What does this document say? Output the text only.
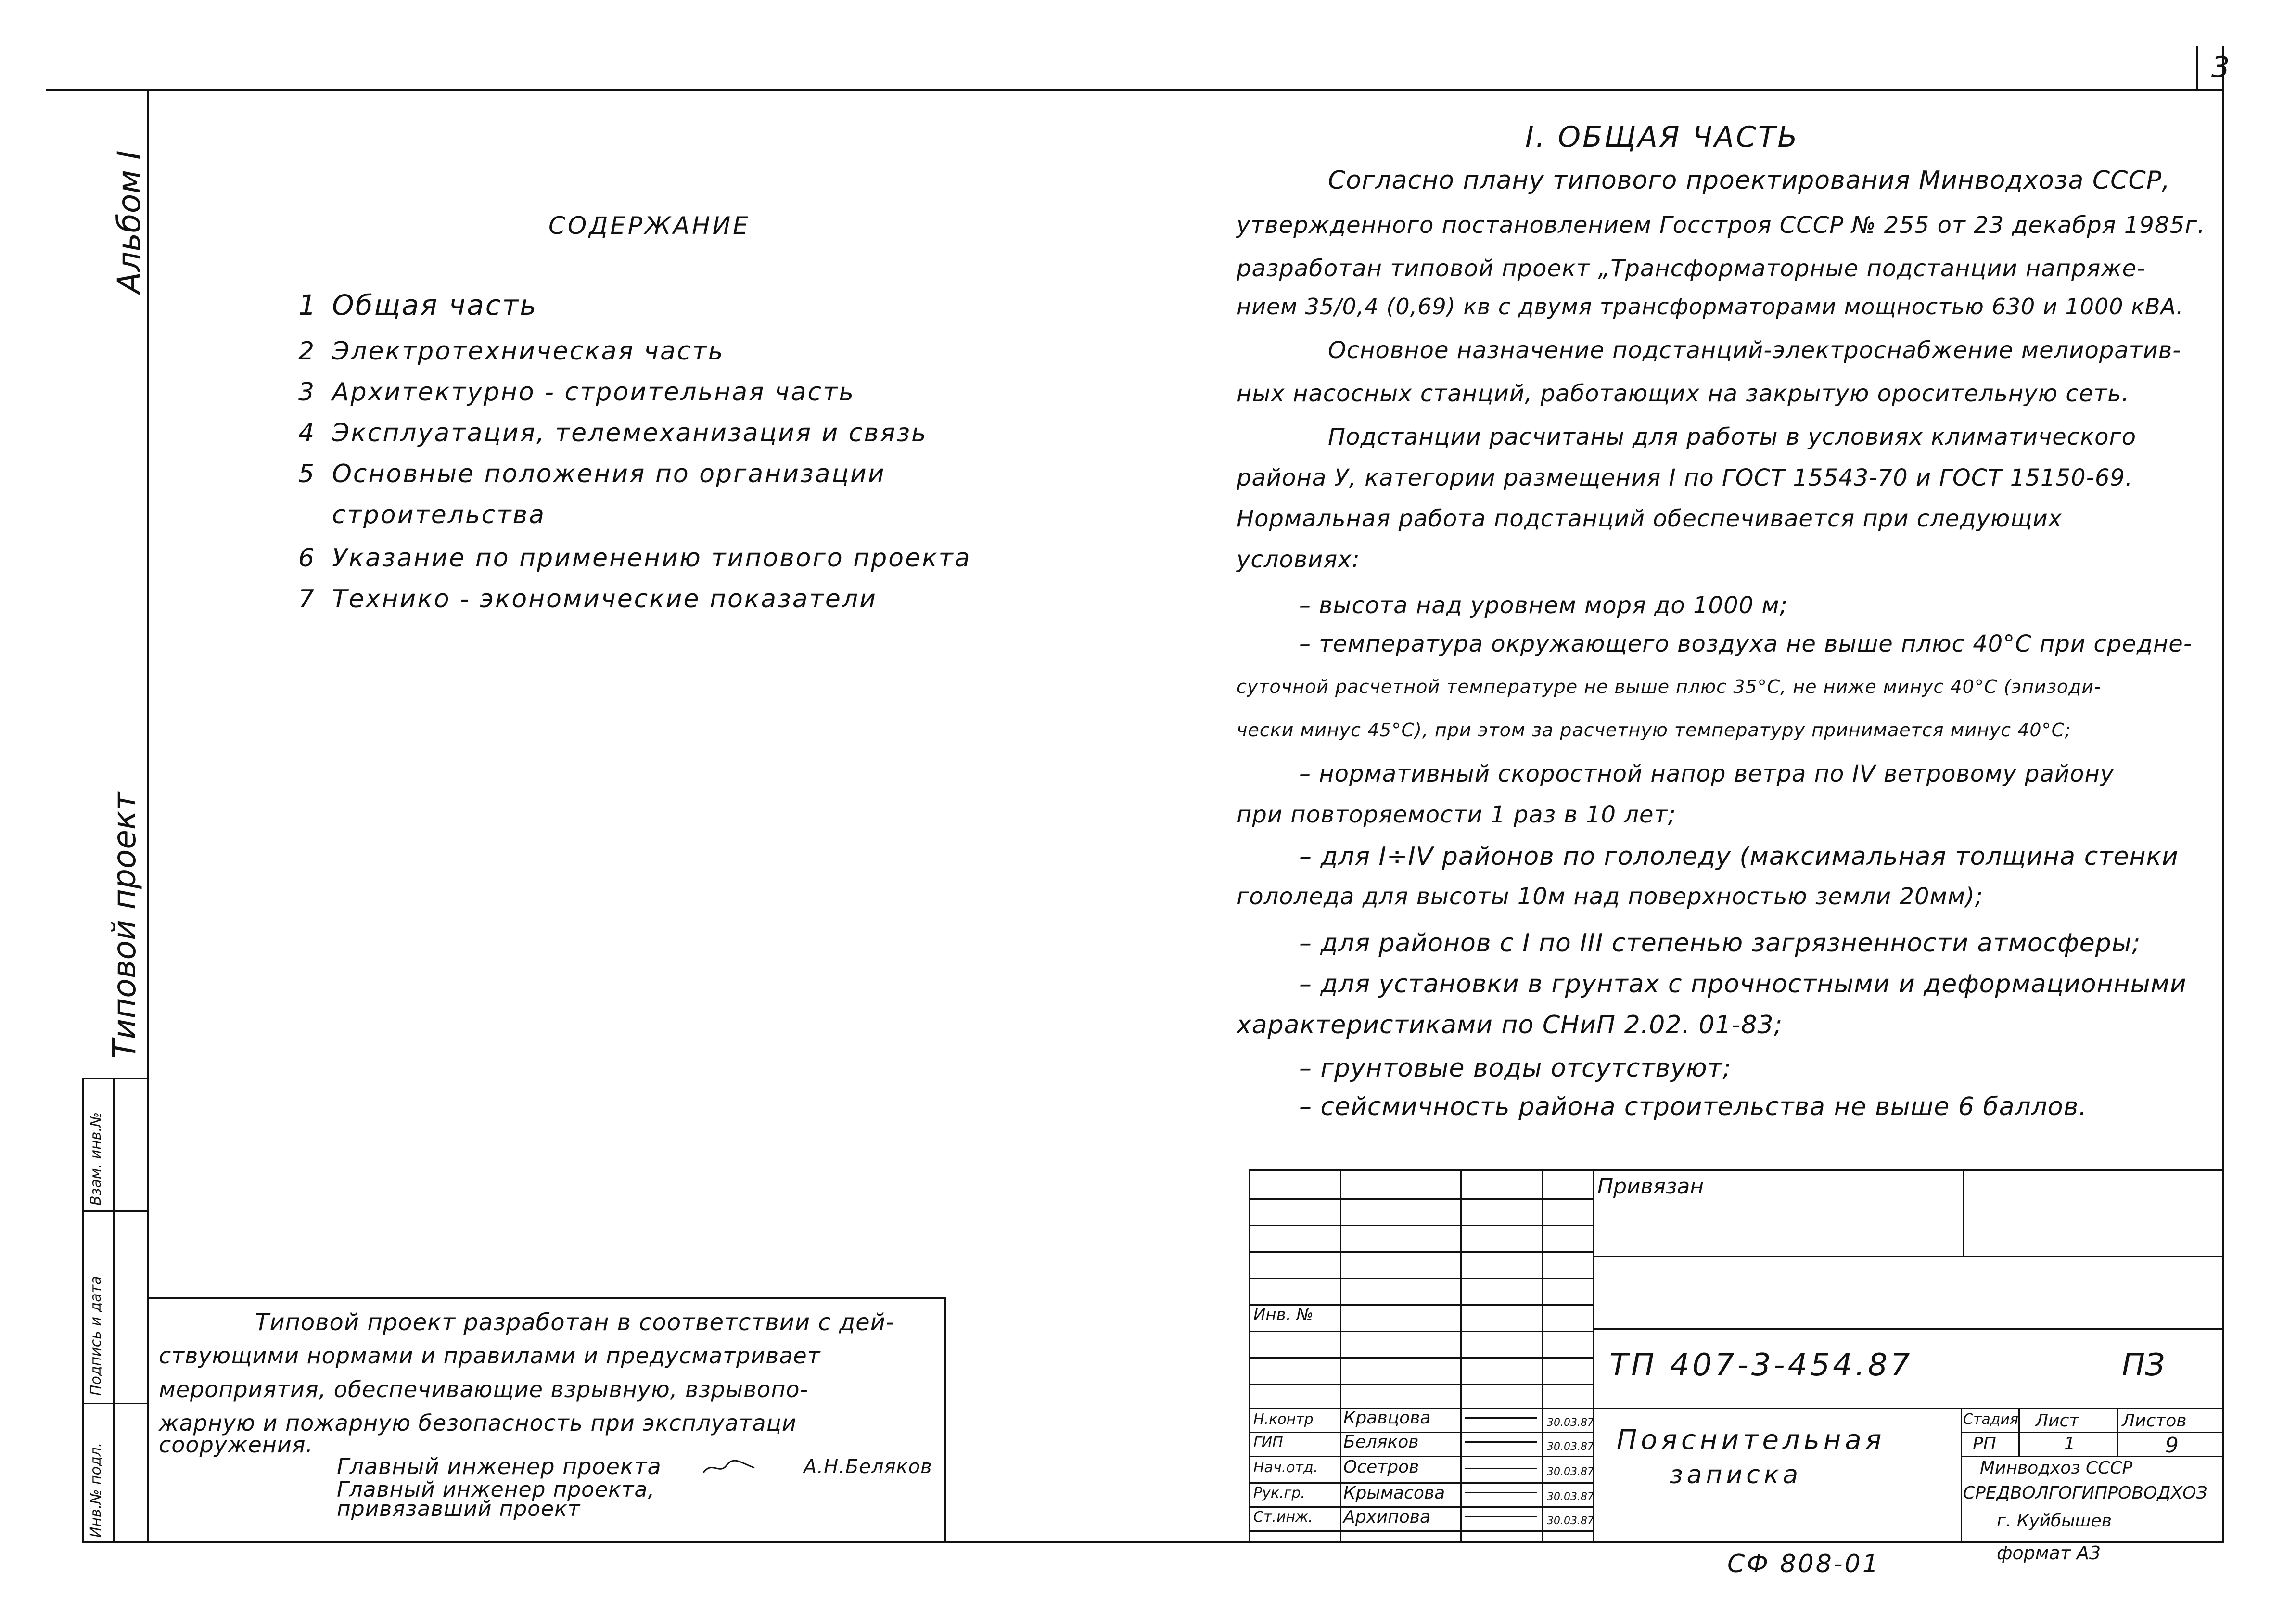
3
Альбом I
Типовой проект
Взам. инв.№
Подпись и дата
Инв.№ подл.
СОДЕРЖАНИЕ
1 Общая часть
2 Электротехническая часть
3 Архитектурно - строительная часть
4 Эксплуатация, телемеханизация и связь
5 Основные положения по организации
строительства
6 Указание по применению типового проекта
7 Технико - экономические показатели
I. ОБЩАЯ ЧАСТЬ
Согласно плану типового проектирования Минводхоза СССР,
утвержденного постановлением Госстроя СССР № 255 от 23 декабря 1985г.
разработан типовой проект „Трансформаторные подстанции напряже-
нием 35/0,4 (0,69) кв с двумя трансформаторами мощностью 630 и 1000 кВА.
Основное назначение подстанций-электроснабжение мелиоратив-
ных насосных станций, работающих на закрытую оросительную сеть.
Подстанции расчитаны для работы в условиях климатического
района У, категории размещения I по ГОСТ 15543-70 и ГОСТ 15150-69.
Нормальная работа подстанций обеспечивается при следующих
условиях:
– высота над уровнем моря до 1000 м;
– температура окружающего воздуха не выше плюс 40°С при средне-
суточной расчетной температуре не выше плюс 35°С, не ниже минус 40°С (эпизоди-
чески минус 45°С), при этом за расчетную температуру принимается минус 40°С;
– нормативный скоростной напор ветра по IV ветровому району
при повторяемости 1 раз в 10 лет;
– для I÷IV районов по гололеду (максимальная толщина стенки
гололеда для высоты 10м над поверхностью земли 20мм);
– для районов с I по III степенью загрязненности атмосферы;
– для установки в грунтах с прочностными и деформационными
характеристиками по СНиП 2.02. 01-83;
– грунтовые воды отсутствуют;
– сейсмичность района строительства не выше 6 баллов.
Типовой проект разработан в соответствии с дей-
ствующими нормами и правилами и предусматривает
мероприятия, обеспечивающие взрывную, взрывопо-
жарную и пожарную безопасность при эксплуатаци
сооружения.
Главный инженер проекта	А.Н.Беляков
Главный инженер проекта,
привязавший проект
Привязан
Инв. №
ТП 407-3-454.87	ПЗ
Пояснительная
записка
Стадия Лист Листов
РП	1	9
Минводхоз СССР
СРЕДВОЛГОГИПРОВОДХОЗ
г. Куйбышев
формат А3
Н.контр Кравцова	30.03.87
ГИП	Беляков	30.03.87
Нач.отд. Осетров	30.03.87
Рук.гр. Крымасова	30.03.87
Ст.инж. Архипова	30.03.87
СФ 808-01
